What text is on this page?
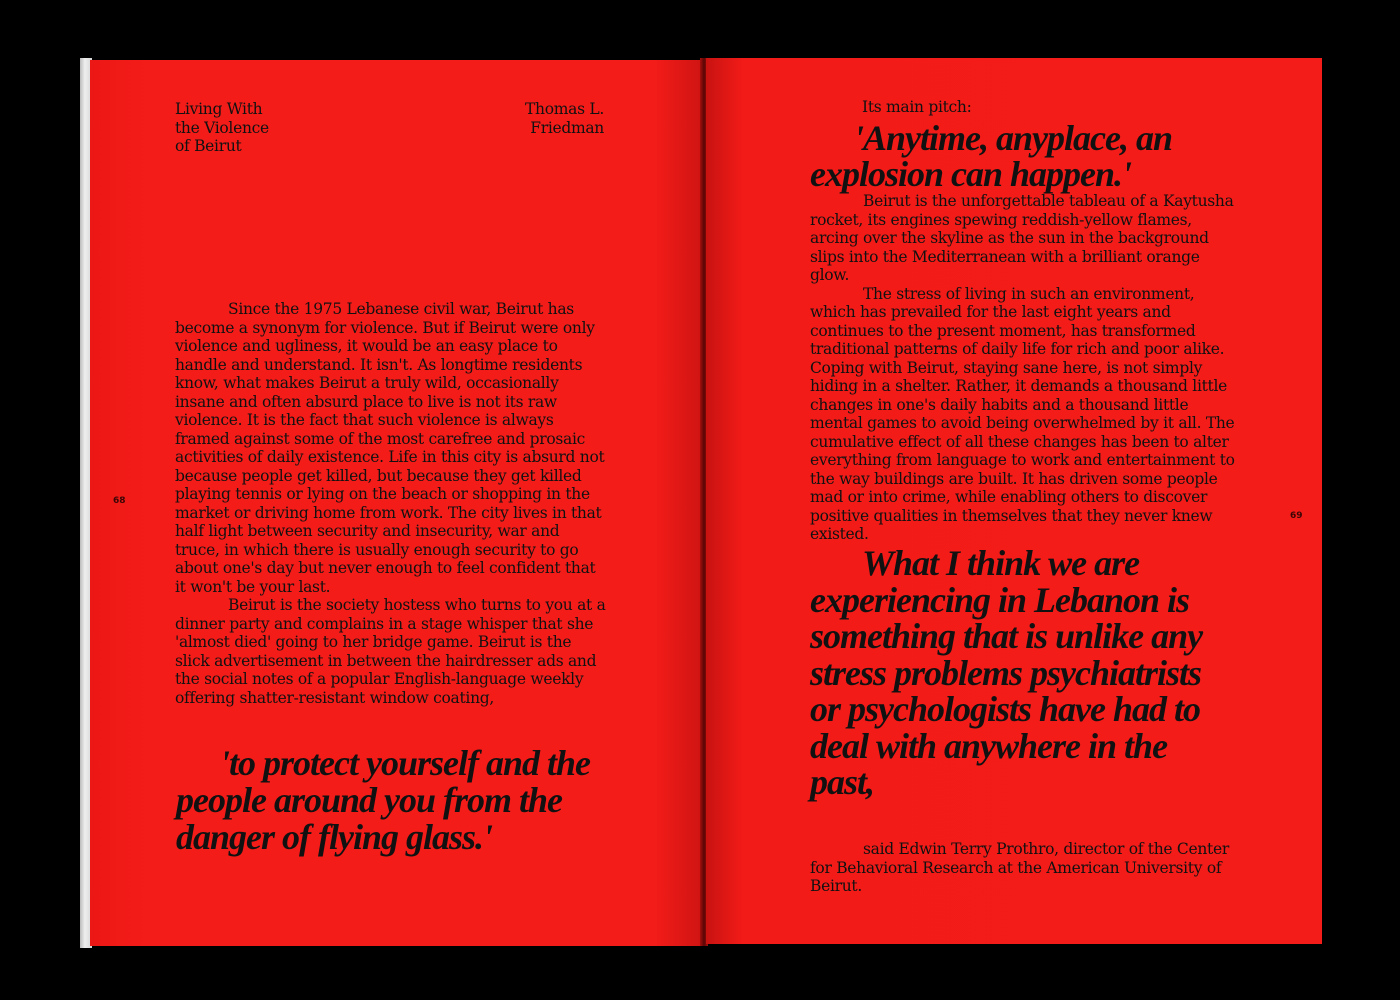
Living With
the Violence
of Beirut
Thomas L.
Friedman
68

Since the 1975 Lebanese civil war, Beirut has become a synonym for violence. But if Beirut were only violence and ugliness, it would be an easy place to handle and understand. It isn't. As longtime residents know, what makes Beirut a truly wild, occasionally insane and often absurd place to live is not its raw violence. It is the fact that such violence is always framed against some of the most carefree and prosaic activities of daily existence. Life in this city is absurd not because people get killed, but because they get killed playing tennis or lying on the beach or shopping in the market or driving home from work. The city lives in that half light between security and insecurity, war and truce, in which there is usually enough security to go about one's day but never enough to feel confident that it won't be your last.

Beirut is the society hostess who turns to you at a dinner party and complains in a stage whisper that she 'almost died' going to her bridge game. Beirut is the slick advertisement in between the hairdresser ads and the social notes of a popular English-language weekly offering shatter-resistant window coating,

'to protect yourself and the people around you from the danger of flying glass.'
Its main pitch:
'Anytime, anyplace, an explosion can happen.'

Beirut is the unforgettable tableau of a Kaytusha rocket, its engines spewing reddish-yellow flames, arcing over the skyline as the sun in the background slips into the Mediterranean with a brilliant orange glow.

The stress of living in such an environment, which has prevailed for the last eight years and continues to the present moment, has transformed traditional patterns of daily life for rich and poor alike. Coping with Beirut, staying sane here, is not simply hiding in a shelter. Rather, it demands a thousand little changes in one's daily habits and a thousand little mental games to avoid being overwhelmed by it all. The cumulative effect of all these changes has been to alter everything from language to work and entertainment to the way buildings are built. It has driven some people mad or into crime, while enabling others to discover positive qualities in themselves that they never knew existed.

What I think we are experiencing in Lebanon is something that is unlike any stress problems psychiatrists or psychologists have had to deal with anywhere in the past,

said Edwin Terry Prothro, director of the Center for Behavioral Research at the American University of Beirut.

69
